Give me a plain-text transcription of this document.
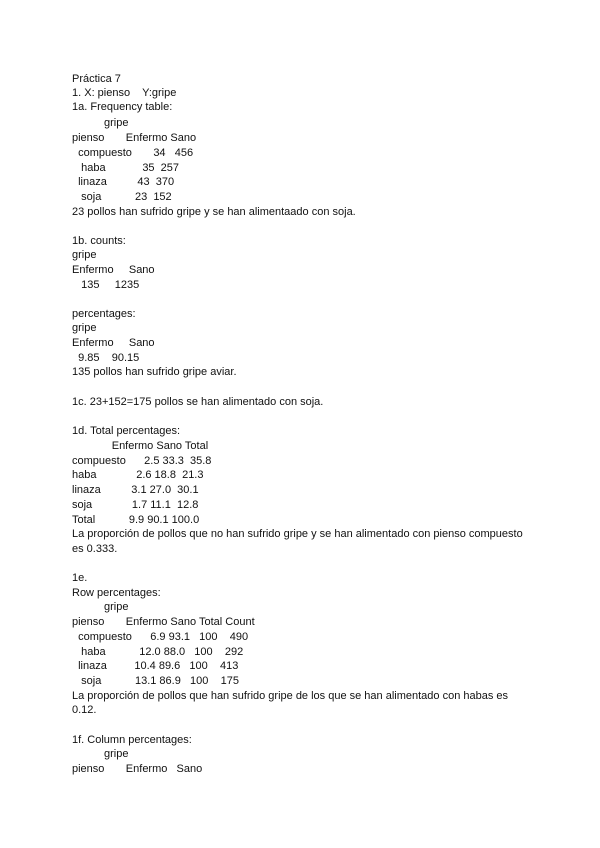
Práctica 7
1. X: pienso    Y:gripe
1a. Frequency table:
gripe
pienso       Enfermo Sano
compuesto       34   456
haba            35  257
linaza          43  370
soja           23  152
23 pollos han sufrido gripe y se han alimentaado con soja.
1b. counts:
gripe
Enfermo     Sano
135     1235
percentages:
gripe
Enfermo     Sano
9.85    90.15
135 pollos han sufrido gripe aviar.
1c. 23+152=175 pollos se han alimentado con soja.
1d. Total percentages:
Enfermo Sano Total
compuesto      2.5 33.3  35.8
haba             2.6 18.8  21.3
linaza          3.1 27.0  30.1
soja             1.7 11.1  12.8
Total           9.9 90.1 100.0
La proporción de pollos que no han sufrido gripe y se han alimentado con pienso compuesto
es 0.333.
1e.
Row percentages:
gripe
pienso       Enfermo Sano Total Count
compuesto      6.9 93.1   100    490
haba           12.0 88.0   100    292
linaza         10.4 89.6   100    413
soja           13.1 86.9   100    175
La proporción de pollos que han sufrido gripe de los que se han alimentado con habas es
0.12.
1f. Column percentages:
gripe
pienso       Enfermo   Sano
